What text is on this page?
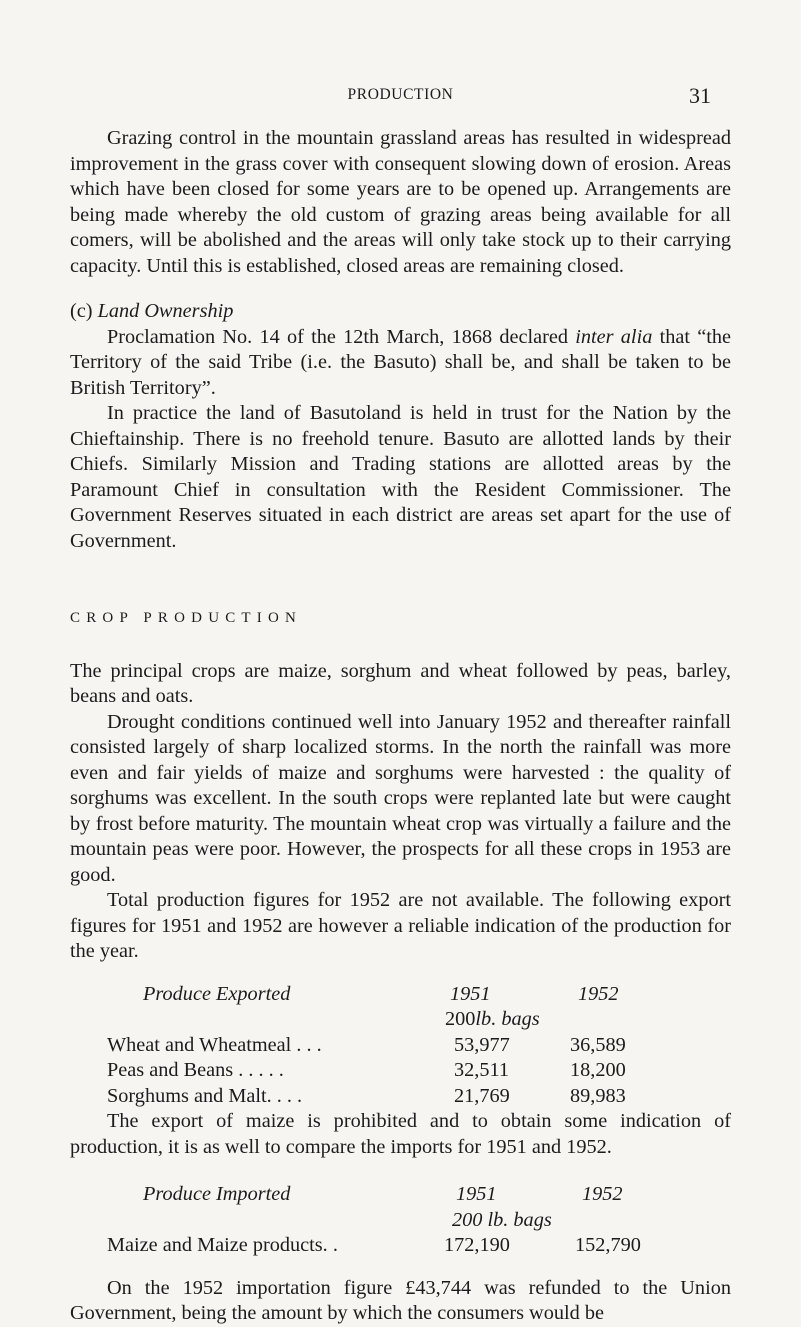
PRODUCTION	31

Grazing control in the mountain grassland areas has resulted in widespread improvement in the grass cover with consequent slowing down of erosion. Areas which have been closed for some years are to be opened up. Arrangements are being made whereby the old custom of grazing areas being available for all comers, will be abolished and the areas will only take stock up to their carrying capacity. Until this is established, closed areas are remaining closed.

(c) Land Ownership

Proclamation No. 14 of the 12th March, 1868 declared inter alia that “the Territory of the said Tribe (i.e. the Basuto) shall be, and shall be taken to be British Territory”.

In practice the land of Basutoland is held in trust for the Nation by the Chieftainship. There is no freehold tenure. Basuto are allotted lands by their Chiefs. Similarly Mission and Trading stations are allotted areas by the Paramount Chief in consultation with the Resident Commissioner. The Government Reserves situated in each district are areas set apart for the use of Government.

CROP PRODUCTION

The principal crops are maize, sorghum and wheat followed by peas, barley, beans and oats.

Drought conditions continued well into January 1952 and thereafter rainfall consisted largely of sharp localized storms. In the north the rainfall was more even and fair yields of maize and sorghums were harvested : the quality of sorghums was excellent. In the south crops were replanted late but were caught by frost before maturity. The mountain wheat crop was virtually a failure and the mountain peas were poor. However, the prospects for all these crops in 1953 are good.

Total production figures for 1952 are not available. The following export figures for 1951 and 1952 are however a reliable indication of the production for the year.

Produce Exported	1951	1952
200 lb. bags
Wheat and Wheatmeal . . .	53,977	36,589
Peas and Beans . . . . .	32,511	18,200
Sorghums and Malt. . . .	21,769	89,983

The export of maize is prohibited and to obtain some indication of production, it is as well to compare the imports for 1951 and 1952.

Produce Imported	1951	1952
200 lb. bags
Maize and Maize products. .	172,190	152,790

On the 1952 importation figure £43,744 was refunded to the Union Government, being the amount by which the consumers would be
